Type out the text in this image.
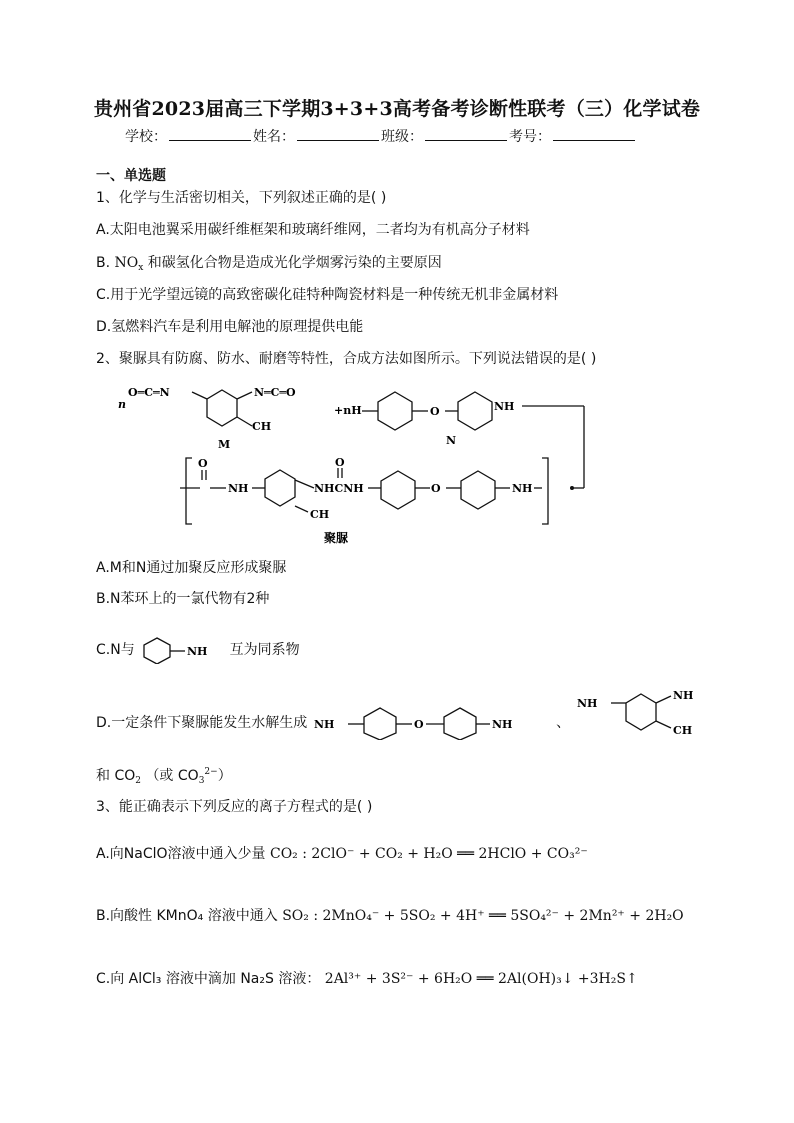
贵州省2023届高三下学期3+3+3高考备考诊断性联考（三）化学试卷
学校：	姓名：	班级：	考号：
一、单选题
1、化学与生活密切相关，下列叙述正确的是( )
A.太阳电池翼采用碳纤维框架和玻璃纤维网，二者均为有机高分子材料
B. $NO_x$ 和碳氢化合物是造成光化学烟雾污染的主要原因
C.用于光学望远镜的高致密碳化硅特种陶瓷材料是一种传统无机非金属材料
D.氢燃料汽车是利用电解池的原理提供电能
2、聚脲具有防腐、防水、耐磨等特性，合成方法如图所示。下列说法错误的是( )
n
O═C═N	N═C═O
CH
M
+nH	O	NH
N
NH	NHCNH
O	O
CH
O	NH
聚脲
A.M和N通过加聚反应形成聚脲
B.N苯环上的一氯代物有2种
C.N与	NH 互为同系物
D.一定条件下聚脲能发生水解生成 NH	O	NH	、
NH
NH
CH
和 $CO_2$ （或 $CO_3^{2-}$）
3、能正确表示下列反应的离子方程式的是( )
A.向NaClO溶液中通入少量 CO₂ : 2ClO⁻ + CO₂ + H₂O ══ 2HClO + CO₃²⁻
B.向酸性 KMnO₄ 溶液中通入 SO₂ : 2MnO₄⁻ + 5SO₂ + 4H⁺ ══ 5SO₄²⁻ + 2Mn²⁺ + 2H₂O
C.向 AlCl₃ 溶液中滴加 Na₂S 溶液： 2Al³⁺ + 3S²⁻ + 6H₂O ══ 2Al(OH)₃↓ +3H₂S↑
